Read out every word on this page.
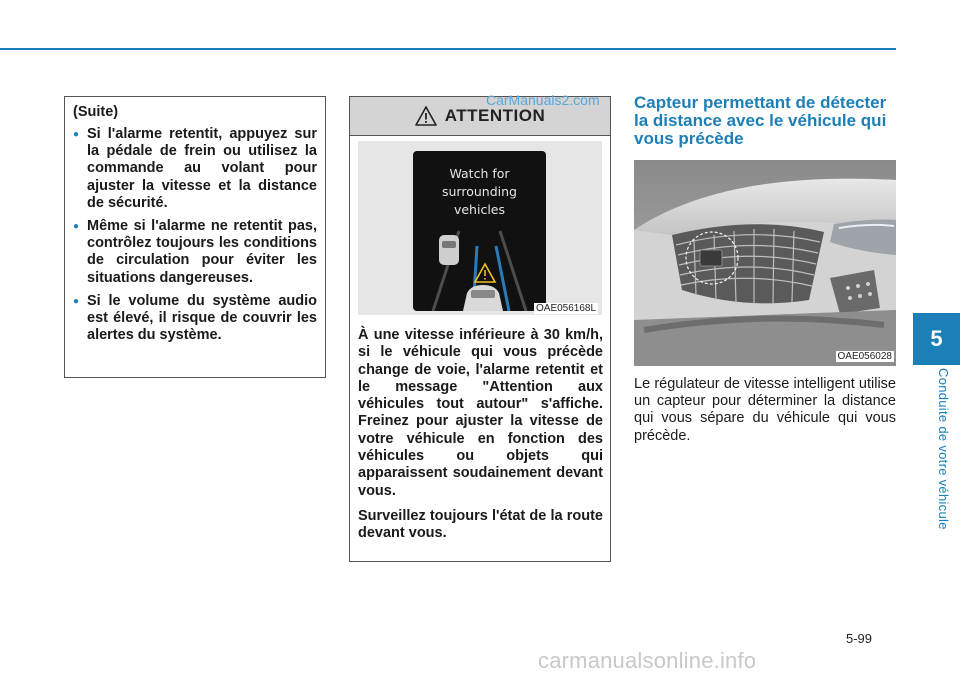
(Suite)

● Si l'alarme retentit, appuyez sur la pédale de frein ou utilisez la commande au volant pour ajuster la vitesse et la distance de sécurité.
● Même si l'alarme ne retentit pas, contrôlez toujours les conditions de circulation pour éviter les situations dangereuses.
● Si le volume du système audio est élevé, il risque de couvrir les alertes du système.
ATTENTION
Watch for
surrounding
vehicles
OAE056168L

À une vitesse inférieure à 30 km/h, si le véhicule qui vous précède change de voie, l'alarme retentit et le message "Attention aux véhicules tout autour" s'affiche. Freinez pour ajuster la vitesse de votre véhicule en fonction des véhicules ou objets qui apparaissent soudainement devant vous.

Surveillez toujours l'état de la route devant vous.

CarManuals2.com Capteur permettant de détecter la distance avec le véhicule qui vous précède
OAE056028
Le régulateur de vitesse intelligent utilise un capteur pour déterminer la distance qui vous sépare du véhicule qui vous précède.
5
Conduite de votre véhicule
5-99
carmanualsonline.info
